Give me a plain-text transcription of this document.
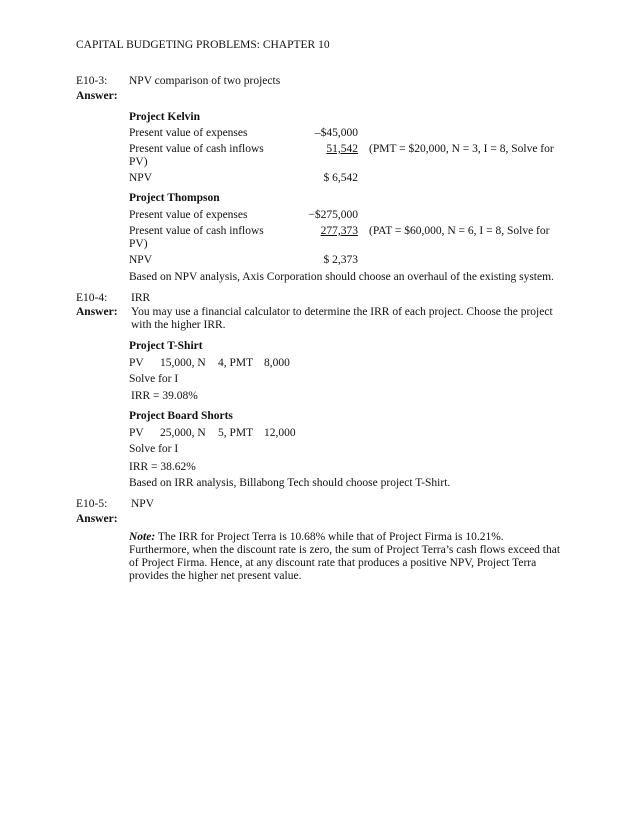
CAPITAL BUDGETING PROBLEMS: CHAPTER 10
E10-3: NPV comparison of two projects
Answer:
Project Kelvin
Present value of expenses	–$45,000
Present value of cash inflows	51,542 (PMT = $20,000, N = 3, I = 8, Solve for
PV)
NPV	$ 6,542
Project Thompson
Present value of expenses	−$275,000
Present value of cash inflows	277,373 (PAT = $60,000, N = 6, I = 8, Solve for
PV)
NPV	$ 2,373
Based on NPV analysis, Axis Corporation should choose an overhaul of the existing system.
E10-4: IRR
Answer: You may use a financial calculator to determine the IRR of each project. Choose the project
with the higher IRR.
Project T-Shirt
PV 15,000, N 4, PMT 8,000
Solve for I
IRR = 39.08%
Project Board Shorts
PV 25,000, N 5, PMT 12,000
Solve for I
IRR = 38.62%
Based on IRR analysis, Billabong Tech should choose project T-Shirt.
E10-5: NPV
Answer:
Note: The IRR for Project Terra is 10.68% while that of Project Firma is 10.21%.
Furthermore, when the discount rate is zero, the sum of Project Terra’s cash flows exceed that
of Project Firma. Hence, at any discount rate that produces a positive NPV, Project Terra
provides the higher net present value.
